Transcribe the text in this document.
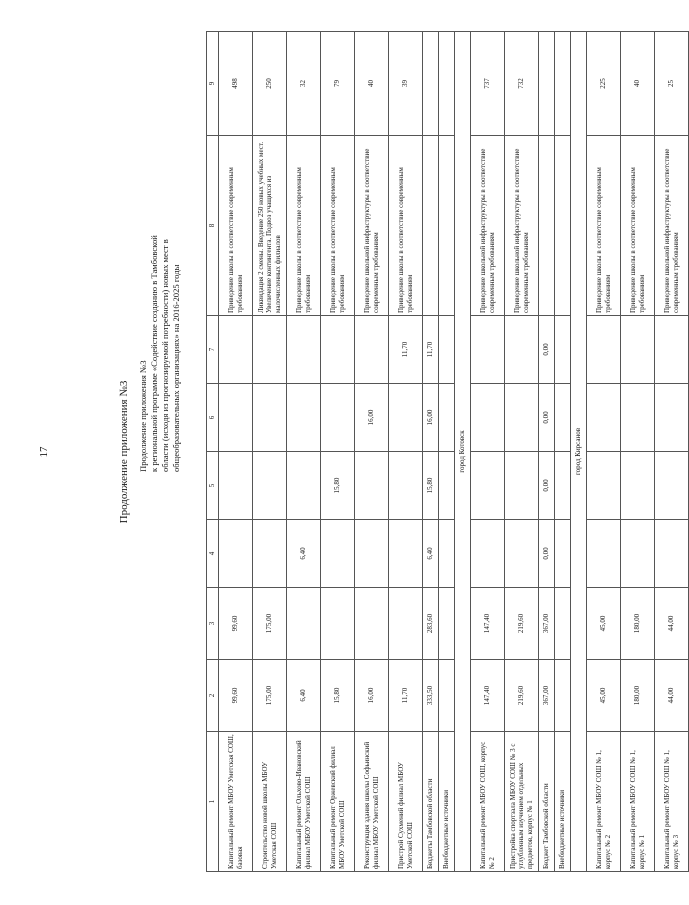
17	Продолжение приложения №3 Продолжение приложения №3 к региональной программе «Содействие созданию в Тамбовской области (исходя из прогнозируемой потребности) новых мест в общеобразовательных организациях» на 2016-2025 годы
1	2	3	4	5	6	7	8	9
Капитальный ремонт МБОУ Уметская СОШ, базовая	99,60	99,60					Приведение школы в соответствие современным требованиям	498
Строительство новой школы МБОУ Уметская СОШ	175,00	175,00					Ликвидация 2 смены. Введение 250 новых учебных мест. Увеличение контингента. Подвоз учащихся из малочисленных филиалов	250
Капитальный ремонт Ольхово-Ивановский филиал МБОУ Уметской СОШ	6,40		6,40				Приведение школы в соответствие современным требованиям	32
Капитальный ремонт Оржевский филиал МБОУ Уметской СОШ	15,80			15,80			Приведение школы в соответствие современным требованиям	79
Реконструкция здания школы Софьинский филиал МБОУ Уметской СОШ	16,00				16,00		Приведение школьной инфраструктуры в соответствие современным требованиям	40
Пристрой Сухмений филиал МБОУ Уметской СОШ	11,70					11,70	Приведение школы в соответствие современным требованиям	39
Бюджеты Тамбовской области	333,50	283,60	6,40	15,80	16,00	11,70		
Внебюджетные источники								
город Котовск								
Капитальный ремонт МБОУ СОШ, корпус № 2	147,40	147,40					Приведение школьной инфраструктуры в соответствие современным требованиям	737
Пристройка спортзала МБОУ СОШ № 3 с углубленным изучением отдельных предметов, корпус № 1	219,60	219,60					Приведение школьной инфраструктуры в соответствие современным требованиям	732
Бюджет Тамбовской области	367,00	367,00	0,00	0,00	0,00	0,00		
Внебюджетные источники								
город Кирсанов								
Капитальный ремонт МБОУ СОШ № 1, корпус № 2	45,00	45,00					Приведение школы в соответствие современным требованиям	225
Капитальный ремонт МБОУ СОШ № 1, корпус № 1	180,00	180,00					Приведение школы в соответствие современным требованиям	40
Капитальный ремонт МБОУ СОШ № 1, корпус № 3	44,00	44,00					Приведение школьной инфраструктуры в соответствие современным требованиям	25
